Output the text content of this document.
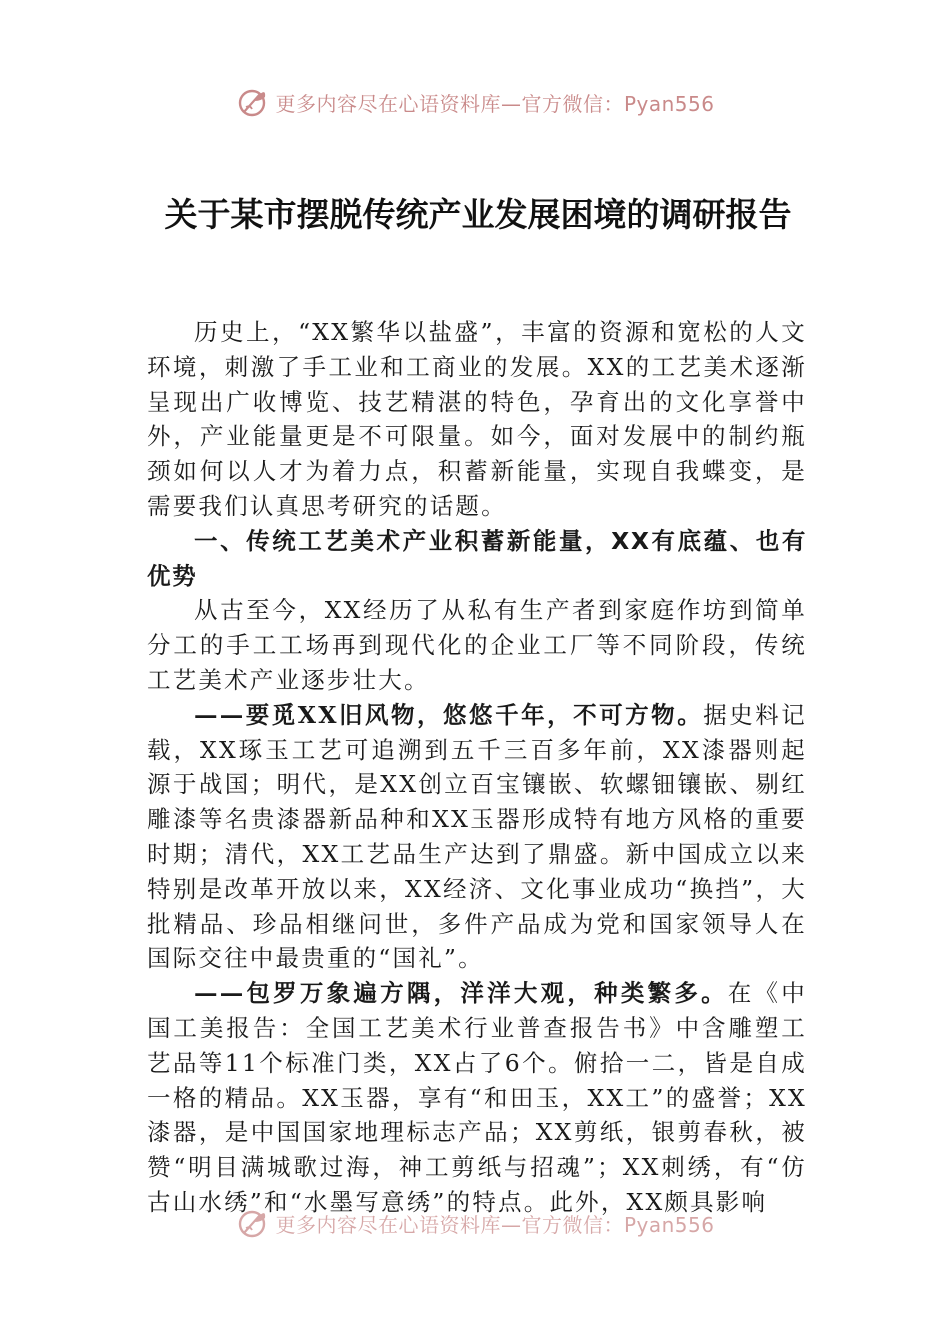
更多内容尽在心语资料库—官方微信：Pyan556
关于某市摆脱传统产业发展困境的调研报告

历史上，“XX繁华以盐盛”，丰富的资源和宽松的人文环境，刺激了手工业和工商业的发展。XX的工艺美术逐渐呈现出广收博览、技艺精湛的特色，孕育出的文化享誉中外，产业能量更是不可限量。如今，面对发展中的制约瓶颈如何以人才为着力点，积蓄新能量，实现自我蝶变，是需要我们认真思考研究的话题。

一、传统工艺美术产业积蓄新能量，XX有底蕴、也有优势

从古至今，XX经历了从私有生产者到家庭作坊到简单分工的手工工场再到现代化的企业工厂等不同阶段，传统工艺美术产业逐步壮大。

——要觅XX旧风物，悠悠千年，不可方物。据史料记载，XX琢玉工艺可追溯到五千三百多年前，XX漆器则起源于战国；明代，是XX创立百宝镶嵌、软螺钿镶嵌、剔红雕漆等名贵漆器新品种和XX玉器形成特有地方风格的重要时期；清代，XX工艺品生产达到了鼎盛。新中国成立以来特别是改革开放以来，XX经济、文化事业成功“换挡”，大批精品、珍品相继问世，多件产品成为党和国家领导人在国际交往中最贵重的“国礼”。

——包罗万象遍方隅，洋洋大观，种类繁多。在《中国工美报告：全国工艺美术行业普查报告书》中含雕塑工艺品等11个标准门类，XX占了6个。俯拾一二，皆是自成一格的精品。XX玉器，享有“和田玉，XX工”的盛誉；XX漆器，是中国国家地理标志产品；XX剪纸，银剪春秋，被赞“明目满城歌过海，神工剪纸与招魂”；XX刺绣，有“仿古山水绣”和“水墨写意绣”的特点。此外，XX颇具影响

更多内容尽在心语资料库—官方微信：Pyan556
